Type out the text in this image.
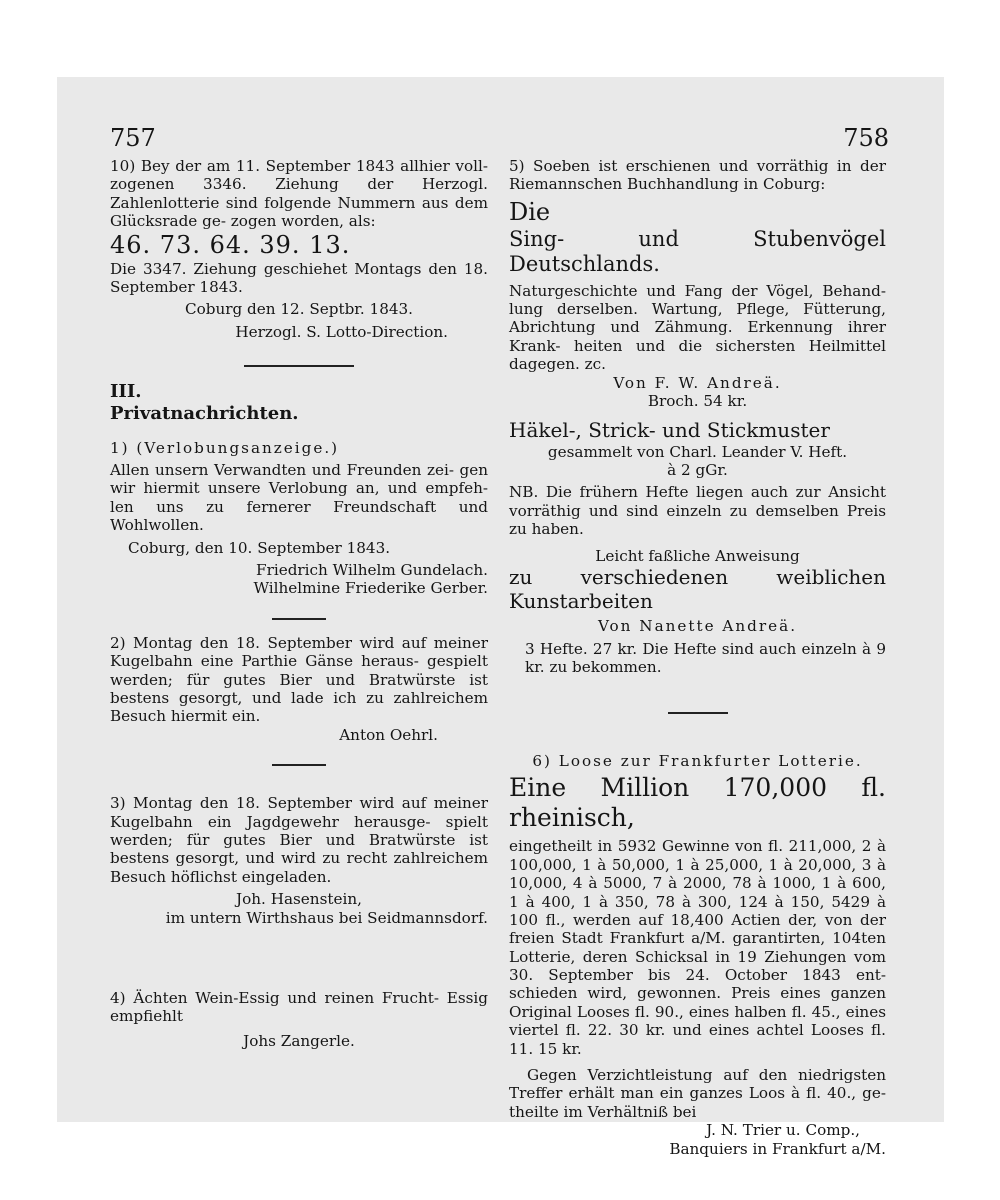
757	758

10) Bey der am 11. September 1843 allhier voll- zogenen 3346. Ziehung der Herzogl. Zahlenlotterie sind folgende Nummern aus dem Glücksrade ge- zogen worden, als:

46. 73. 64. 39. 13.

Die 3347. Ziehung geschiehet Montags den 18. September 1843.

Coburg den 12. Septbr. 1843.

Herzogl. S. Lotto-Direction.

III.

Privatnachrichten.

1) (Verlobungsanzeige.)

Allen unsern Verwandten und Freunden zei- gen wir hiermit unsere Verlobung an, und empfeh- len uns zu fernerer Freundschaft und Wohlwollen.

Coburg, den 10. September 1843.

Friedrich Wilhelm Gundelach.

Wilhelmine Friederike Gerber.

2) Montag den 18. September wird auf meiner Kugelbahn eine Parthie Gänse heraus- gespielt werden; für gutes Bier und Bratwürste ist bestens gesorgt, und lade ich zu zahlreichem Besuch hiermit ein.

Anton Oehrl.

3) Montag den 18. September wird auf meiner Kugelbahn ein Jagdgewehr herausge- spielt werden; für gutes Bier und Bratwürste ist bestens gesorgt, und wird zu recht zahlreichem Besuch höflichst eingeladen.

Joh. Hasenstein,

im untern Wirthshaus bei Seidmannsdorf.

4) Ächten Wein-Essig und reinen Frucht- Essig empfiehlt

Johs Zangerle.

5) Soeben ist erschienen und vorräthig in der Riemannschen Buchhandlung in Coburg:

Die

Sing- und Stubenvögel Deutschlands.

Naturgeschichte und Fang der Vögel, Behand- lung derselben. Wartung, Pflege, Fütterung, Abrichtung und Zähmung. Erkennung ihrer Krank- heiten und die sichersten Heilmittel dagegen. zc.

Von F. W. Andreä.

Broch. 54 kr.

Häkel-, Strick- und Stickmuster

gesammelt von Charl. Leander V. Heft.

à 2 gGr.

NB. Die frühern Hefte liegen auch zur Ansicht vorräthig und sind einzeln zu demselben Preis zu haben.

Leicht faßliche Anweisung

zu verschiedenen weiblichen Kunstarbeiten

Von Nanette Andreä.

3 Hefte. 27 kr. Die Hefte sind auch einzeln à 9 kr. zu bekommen.

6) Loose zur Frankfurter Lotterie.

Eine Million 170,000 fl. rheinisch,

eingetheilt in 5932 Gewinne von fl. 211,000, 2 à 100,000, 1 à 50,000, 1 à 25,000, 1 à 20,000, 3 à 10,000, 4 à 5000, 7 à 2000, 78 à 1000, 1 à 600, 1 à 400, 1 à 350, 78 à 300, 124 à 150, 5429 à 100 fl., werden auf 18,400 Actien der, von der freien Stadt Frankfurt a/M. garantirten, 104ten Lotterie, deren Schicksal in 19 Ziehungen vom 30. September bis 24. October 1843 ent- schieden wird, gewonnen. Preis eines ganzen Original Looses fl. 90., eines halben fl. 45., eines viertel fl. 22. 30 kr. und eines achtel Looses fl. 11. 15 kr.

Gegen Verzichtleistung auf den niedrigsten Treffer erhält man ein ganzes Loos à fl. 40., ge- theilte im Verhältniß bei

J. N. Trier u. Comp.,

Banquiers in Frankfurt a/M.
